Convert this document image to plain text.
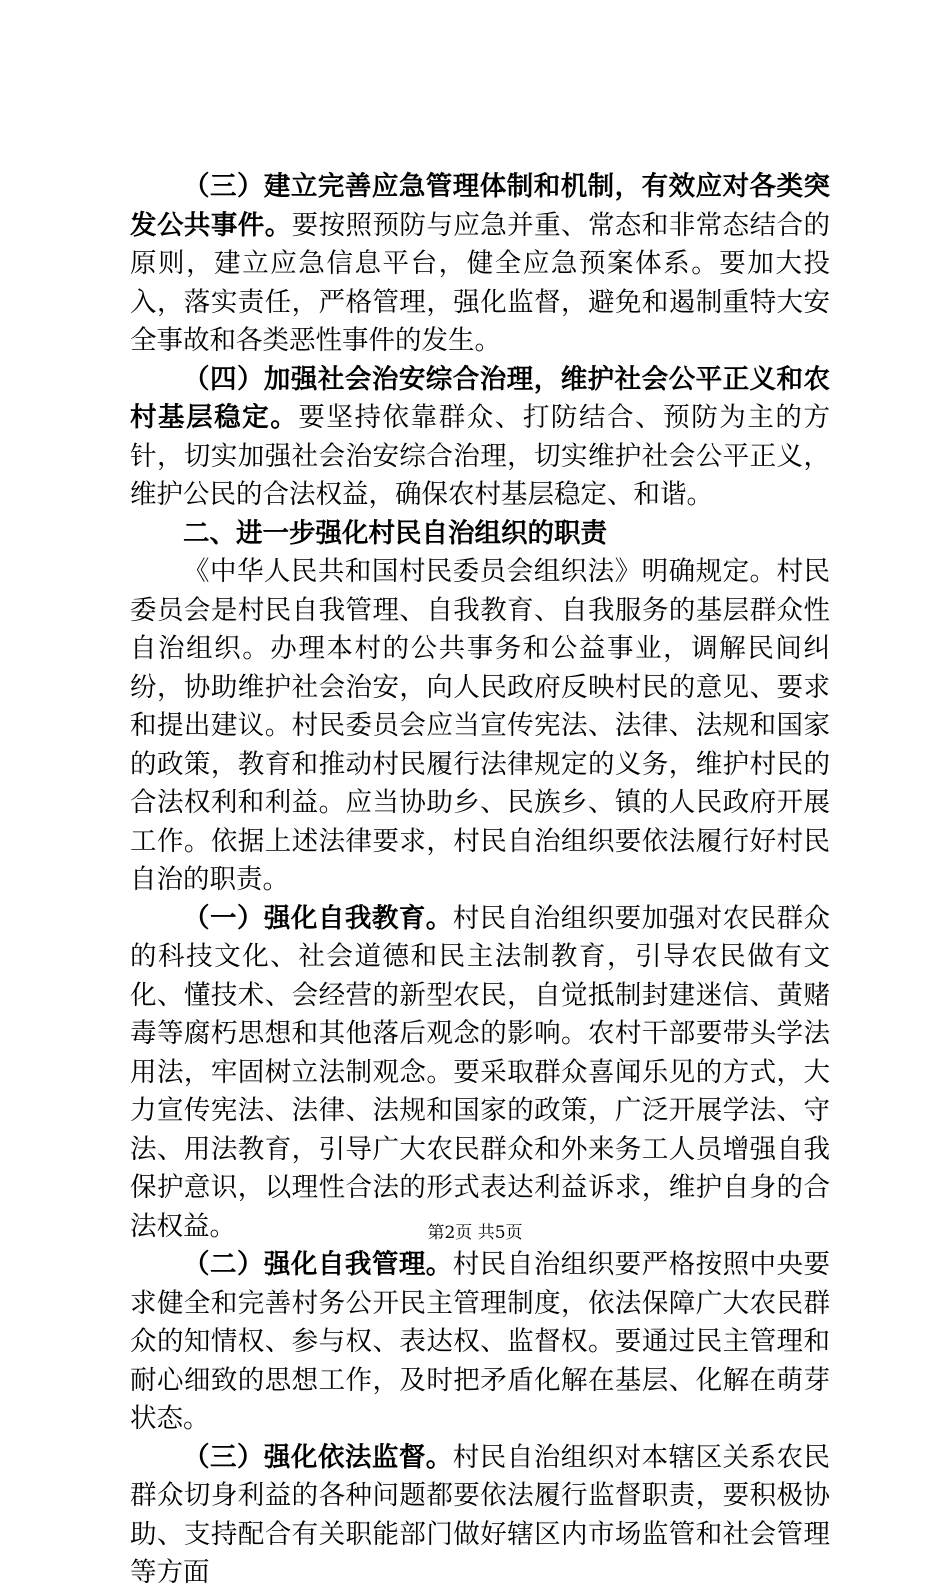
（三）建立完善应急管理体制和机制，有效应对各类突发公共事件。要按照预防与应急并重、常态和非常态结合的原则，建立应急信息平台，健全应急预案体系。要加大投入，落实责任，严格管理，强化监督，避免和遏制重特大安全事故和各类恶性事件的发生。

（四）加强社会治安综合治理，维护社会公平正义和农村基层稳定。要坚持依靠群众、打防结合、预防为主的方针，切实加强社会治安综合治理，切实维护社会公平正义，维护公民的合法权益，确保农村基层稳定、和谐。

二、进一步强化村民自治组织的职责

《中华人民共和国村民委员会组织法》明确规定。村民委员会是村民自我管理、自我教育、自我服务的基层群众性自治组织。办理本村的公共事务和公益事业，调解民间纠纷，协助维护社会治安，向人民政府反映村民的意见、要求和提出建议。村民委员会应当宣传宪法、法律、法规和国家的政策，教育和推动村民履行法律规定的义务，维护村民的合法权利和利益。应当协助乡、民族乡、镇的人民政府开展工作。依据上述法律要求，村民自治组织要依法履行好村民自治的职责。

（一）强化自我教育。村民自治组织要加强对农民群众的科技文化、社会道德和民主法制教育，引导农民做有文化、懂技术、会经营的新型农民，自觉抵制封建迷信、黄赌毒等腐朽思想和其他落后观念的影响。农村干部要带头学法用法，牢固树立法制观念。要采取群众喜闻乐见的方式，大力宣传宪法、法律、法规和国家的政策，广泛开展学法、守法、用法教育，引导广大农民群众和外来务工人员增强自我保护意识，以理性合法的形式表达利益诉求，维护自身的合法权益。

（二）强化自我管理。村民自治组织要严格按照中央要求健全和完善村务公开民主管理制度，依法保障广大农民群众的知情权、参与权、表达权、监督权。要通过民主管理和耐心细致的思想工作，及时把矛盾化解在基层、化解在萌芽状态。

（三）强化依法监督。村民自治组织对本辖区关系农民群众切身利益的各种问题都要依法履行监督职责，要积极协助、支持配合有关职能部门做好辖区内市场监管和社会管理等方面

第2页 共5页
